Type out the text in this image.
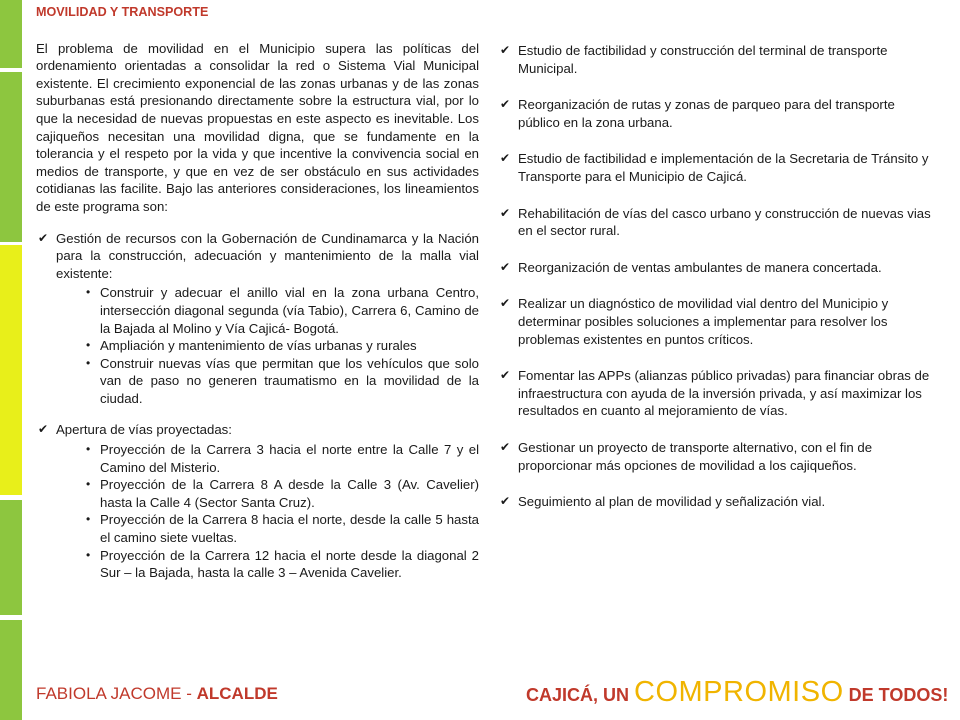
MOVILIDAD Y TRANSPORTE

El problema de movilidad en el Municipio supera las políticas del ordenamiento orientadas a consolidar la red o Sistema Vial Municipal existente. El crecimiento exponencial de las zonas urbanas y de las zonas suburbanas está presionando directamente sobre la estructura vial, por lo que la necesidad de nuevas propuestas en este aspecto es inevitable. Los cajiqueños necesitan una movilidad digna, que se fundamente en la tolerancia y el respeto por la vida y que incentive la convivencia social en medios de transporte, y que en vez de ser obstáculo en sus actividades cotidianas las facilite. Bajo las anteriores consideraciones, los lineamientos de este programa son:

✔ Gestión de recursos con la Gobernación de Cundinamarca y la Nación para la construcción, adecuación y mantenimiento de la malla vial existente:
• Construir y adecuar el anillo vial en la zona urbana Centro, intersección diagonal segunda (vía Tabio), Carrera 6, Camino de la Bajada al Molino y Vía Cajicá- Bogotá.
• Ampliación y mantenimiento de vías urbanas y rurales
• Construir nuevas vías que permitan que los vehículos que solo van de paso no generen traumatismo en la movilidad de la ciudad.
✔ Apertura de vías proyectadas:
• Proyección de la Carrera 3 hacia el norte entre la Calle 7 y el Camino del Misterio.
• Proyección de la Carrera 8 A desde la Calle 3 (Av. Cavelier) hasta la Calle 4 (Sector Santa Cruz).
• Proyección de la Carrera 8 hacia el norte, desde la calle 5 hasta el camino siete vueltas.
• Proyección de la Carrera 12 hacia el norte desde la diagonal 2 Sur – la Bajada, hasta la calle 3 – Avenida Cavelier.
✔ Estudio de factibilidad y construcción del terminal de transporte Municipal.
✔ Reorganización de rutas y zonas de parqueo para del transporte público en la zona urbana.
✔ Estudio de factibilidad e implementación de la Secretaria de Tránsito y Transporte para el Municipio de Cajicá.
✔ Rehabilitación de vías del casco urbano y construcción de nuevas vias en el sector rural.
✔ Reorganización de ventas ambulantes de manera concertada.
✔ Realizar un diagnóstico de movilidad vial dentro del Municipio y determinar posibles soluciones a implementar para resolver los problemas existentes en puntos críticos.
✔ Fomentar las APPs (alianzas público privadas) para financiar obras de infraestructura con ayuda de la inversión privada, y así maximizar los resultados en cuanto al mejoramiento de vías.
✔ Gestionar un proyecto de transporte alternativo, con el fin de proporcionar más opciones de movilidad a los cajiqueños.
✔ Seguimiento al plan de movilidad y señalización vial.
FABIOLA JACOME - ALCALDE	CAJICÁ, UN COMPROMISO DE TODOS!
